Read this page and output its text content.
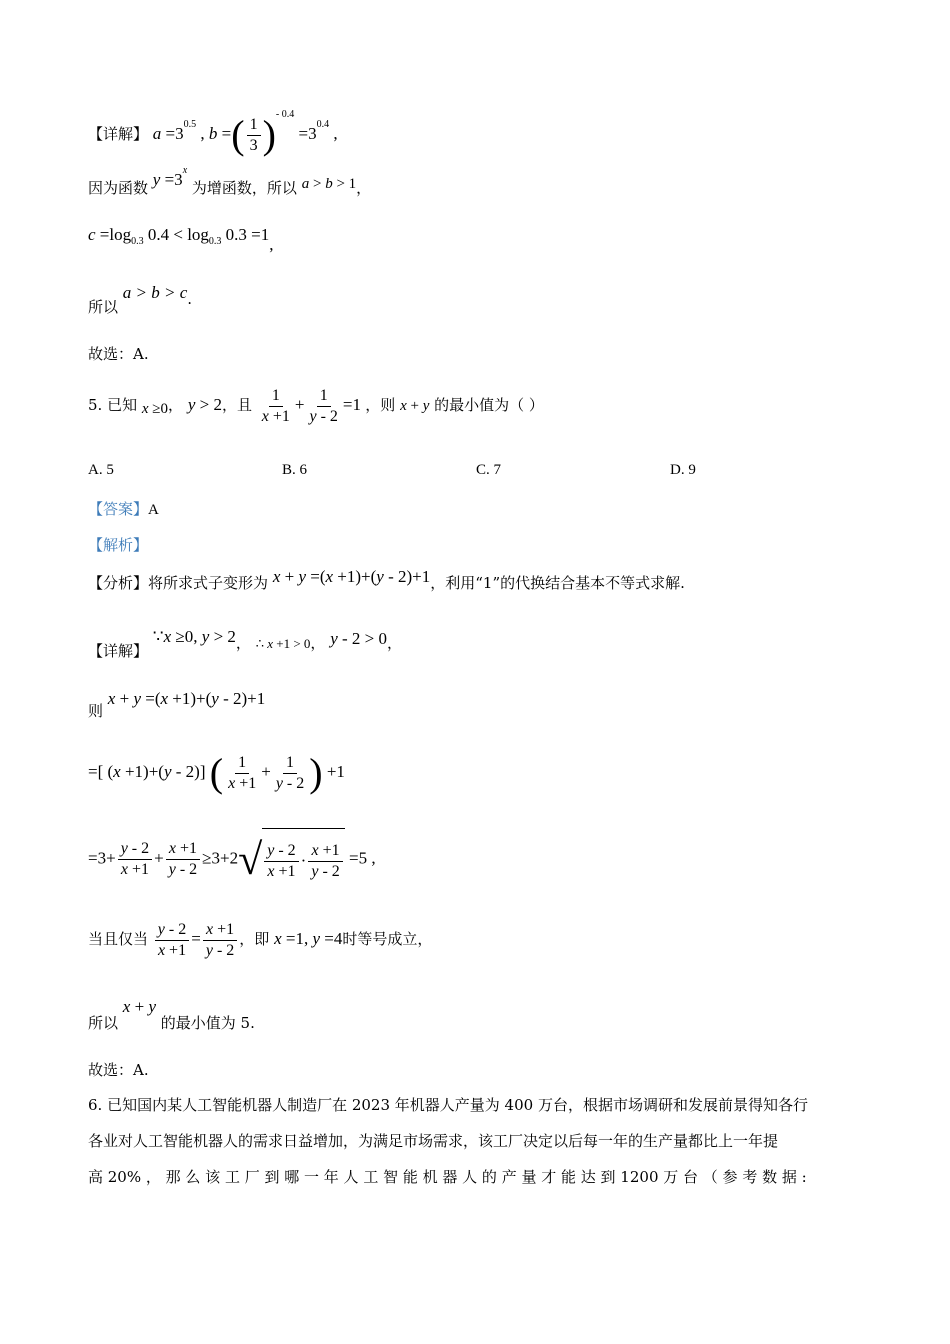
【详解】 $a =3^{0.5}$ , b =( $\frac{1}{3} )^{- 0.4} =3^{0.4}$ ,
因为函数 $y =3^x$ 为增函数，所以 a > b > 1，
$c =\log_{0.3}$ $0.4 < \log_{0.3} 0.3 =1$,
所以 a > b > c.
故选：A.
5. 已知 x ≥0， y > 2，且 $\frac{1}{x +1} + \frac{1}{y - 2} =1$ ，则 x + y 的最小值为（ ）
A. 5	B. 6	C. 7	D. 9
【答案】A
【解析】
【分析】将所求式子变形为 x + y =(x +1)+(y - 2)+1，利用“1”的代换结合基本不等式求解.
【详解】 ∵x ≥0, y > 2， ∴ x +1 > 0， y - 2 > 0，
则 x + y =(x +1)+(y - 2)+1
=[ (x +1)+(y - 2)] ( $\frac{1}{x +1} + \frac{1}{y - 2}$ ) +1
$=3+ \frac{y - 2}{x +1} + \frac{x +1}{y - 2} \ge 3+2$ √ $\frac{y - 2}{x +1} \cdot \frac{x +1}{y - 2} =5$ ,
当且仅当 $\frac{y - 2}{x +1} = \frac{x +1}{y - 2}$ ，即 x =1, y =4时等号成立，
所以 x + y 的最小值为 5.
故选：A.
6. 已知国内某人工智能机器人制造厂在 2023 年机器人产量为 400 万台，根据市场调研和发展前景得知各行
各业对人工智能机器人的需求日益增加，为满足市场需求，该工厂决定以后每一年的生产量都比上一年提
高 20% ， 那 么 该 工 厂 到 哪 一 年 人 工 智 能 机 器 人 的 产 量 才 能 达 到 1200 万 台 （ 参 考 数 据 :
